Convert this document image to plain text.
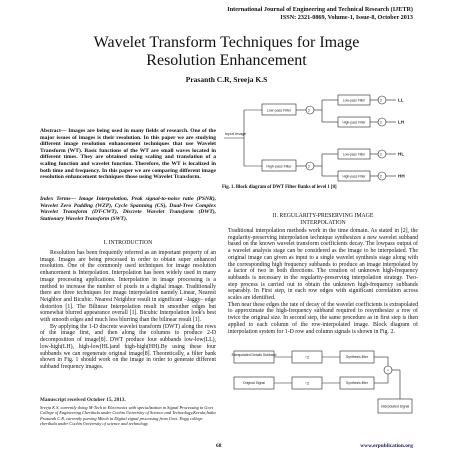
International Journal of Engineering and Technical Research (IJETR)
ISSN: 2321-0869, Volume-1, Issue-8, October 2013
Wavelet Transform Techniques for Image
Resolution Enhancement
Prasanth C.R, Sreeja K.S

Abstract— Images are being used in many fields of research. One of the major issues of images is their resolution. In this paper we are studying different image resolution enhancement techniques that use Wavelet Transform (WT). Basic functions of the WT are small waves located in different times. They are obtained using scaling and translation of a scaling function and wavelet function. Therefore, the WT is localized in both time and frequency. In this paper we are comparing different image resolution enhancement techniques those using Wavelet Transform.

Index Terms— Image Interpolation, Peak signal-to-noise ratio (PSNR), Wavelet Zero Padding (WZP), Cycle Spanning (CS), Dual-Tree Complex Wavelet Transform (DT-CWT), Discrete Wavelet Transform (DWT), Stationary Wavelet Transform (SWT).

I. INTRODUCTION

Resolution has been frequently referred as an important property of an image. Images are being processed in order to obtain super enhanced resolution. One of the commonly used techniques for image resolution enhancement is Interpolation. Interpolation has been widely used in many image processing applications. Interpolation in image processing is a method to increase the number of pixels in a digital image. Traditionally there are three techniques for image interpolation namely Linear, Nearest Neighbor and Bicubic. Nearest Neighbor result in significant –Jaggy– edge distortion [1]. The Bilinear Interpolation result in smoother edges but somewhat blurred appearance overall [1]. Bicubic Interpolation look's best with smooth edges and much less blurring than the bilinear result [1].

By applying the 1-D discrete wavelet transform (DWT) along the rows of the image first, and then along the columns to produce 2-D decomposition of image[8]. DWT produce four subbands low-low(LL), low-high(LH), high-low(HL)and high-high(HH).By using these four subbands we can regenerate original image[8]. Theoretically, a filter bank shown in Fig. 1 should work on the image in order to generate different subband frequency images.

Manuscript received October 15, 2013.

Sreeja K S, currently doing M-Tech in Electronics with specialization in Signal Processing in Govt College of Engineering Cherthala under Cochin University of Science and Technology,Kerala,India

Prasanth C.R, currently pursing Mtech in Digital signal processing from Govt. Engg college cherthala under Cochin University of science and technology.

2
2
2
2
2
2
Input Image
Low-pass Filter
High-pass Filter
Low-pass Filter
High-pass Filter
Low-pass Filter
High-pass Filter
LL
LH
HL
HH
Fig. 1. Block diagram of DWT Filter Banks of level 1 [8]
II. REGULARITY-PRESERVING IMAGE
INTERPOLATION

Traditional interpolation methods work in the time domain. As stated in [2], the regularity-preserving interpolation technique synthesizes a new wavelet subband based on the known wavelet transform coefficients decay. The lowpass output of a wavelet analysis stage can be considered as the image to be interpolated. The original image can given as input to a single wavelet synthesis stage along with the corresponding high frequency subbands to produce an image interpolated by a factor of two in both directions. The creation of unknown high-frequency subbands is necessary in the regularity-preserving interpolation strategy. Two-step process is carried out to obtain the unknown high-frequency subbands separably. In First step, in each row edges with significant correlation across scales are identified.

Then near these edges the rate of decay of the wavelet coefficients is extrapolated to approximate the high-frequency subband required to resynthesize a row of twice the original size. In second step, the same procedure as in first step is then applied to each column of the row-interpolated image. Block diagram of interpolation system for 1-D row and column signals is shown in Fig. 2.

Extrapolated Details Subband
Synthesis filter
Original Signal	Synthesis filter
Interpolated Signal
↑2
↑2
+
68	www.erpublication.org
